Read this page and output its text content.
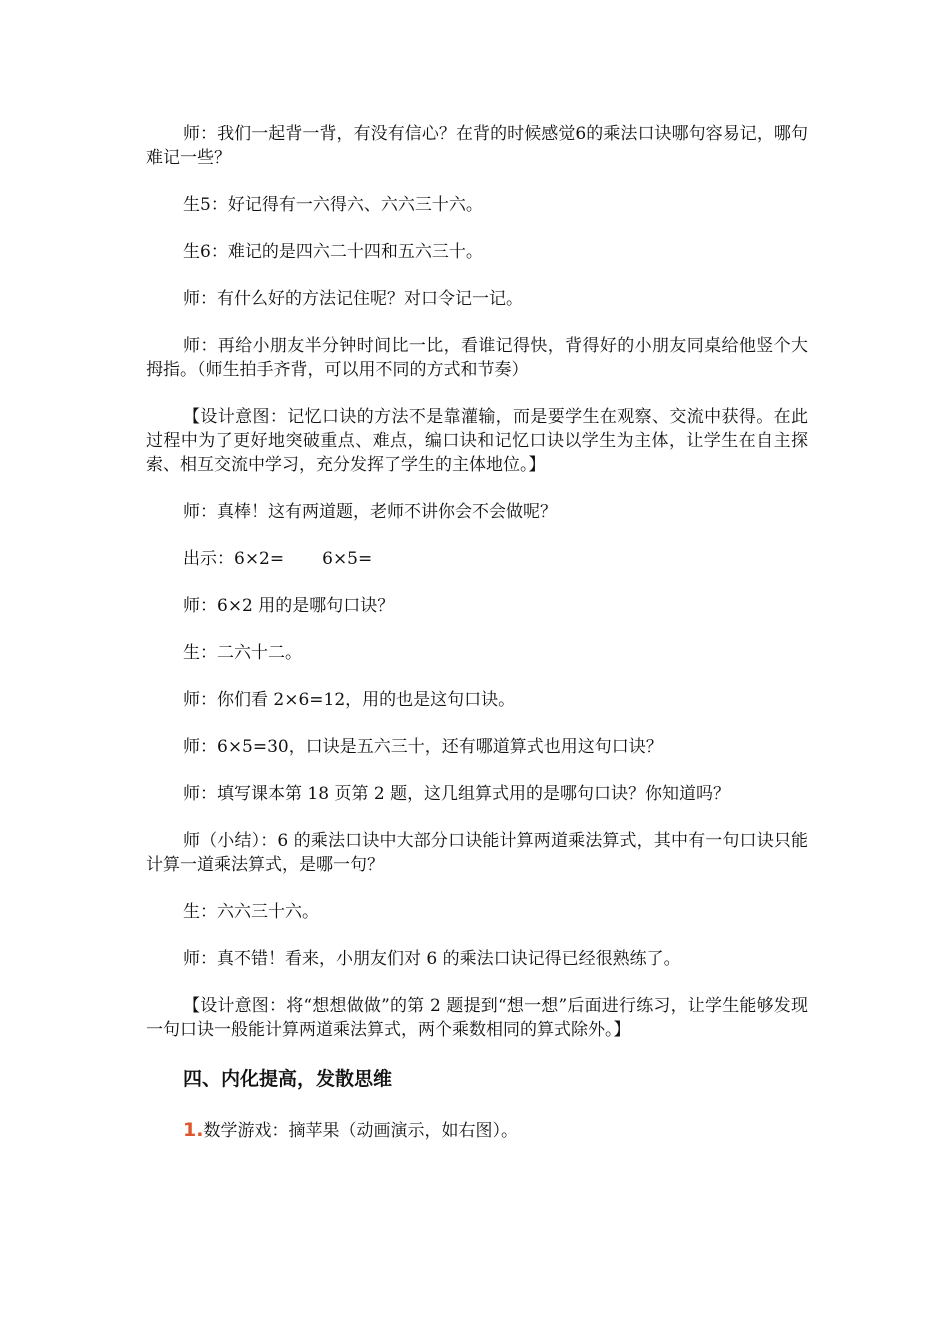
师：我们一起背一背，有没有信心？在背的时候感觉6的乘法口诀哪句容易记，哪句难记一些？

生5：好记得有一六得六、六六三十六。

生6：难记的是四六二十四和五六三十。

师：有什么好的方法记住呢？对口令记一记。

师：再给小朋友半分钟时间比一比，看谁记得快，背得好的小朋友同桌给他竖个大拇指。（师生拍手齐背，可以用不同的方式和节奏）

【设计意图：记忆口诀的方法不是靠灌输，而是要学生在观察、交流中获得。在此过程中为了更好地突破重点、难点，编口诀和记忆口诀以学生为主体，让学生在自主探索、相互交流中学习，充分发挥了学生的主体地位。】

师：真棒！这有两道题，老师不讲你会不会做呢？

出示：6×2= 6×5=

师：6×2 用的是哪句口诀？

生：二六十二。

师：你们看 2×6=12，用的也是这句口诀。

师：6×5=30，口诀是五六三十，还有哪道算式也用这句口诀？

师：填写课本第 18 页第 2 题，这几组算式用的是哪句口诀？你知道吗？

师（小结）：6 的乘法口诀中大部分口诀能计算两道乘法算式，其中有一句口诀只能计算一道乘法算式，是哪一句？

生：六六三十六。

师：真不错！看来，小朋友们对 6 的乘法口诀记得已经很熟练了。

【设计意图：将“想想做做”的第 2 题提到“想一想”后面进行练习，让学生能够发现一句口诀一般能计算两道乘法算式，两个乘数相同的算式除外。】

四、内化提高，发散思维

1.数学游戏：摘苹果（动画演示，如右图）。
